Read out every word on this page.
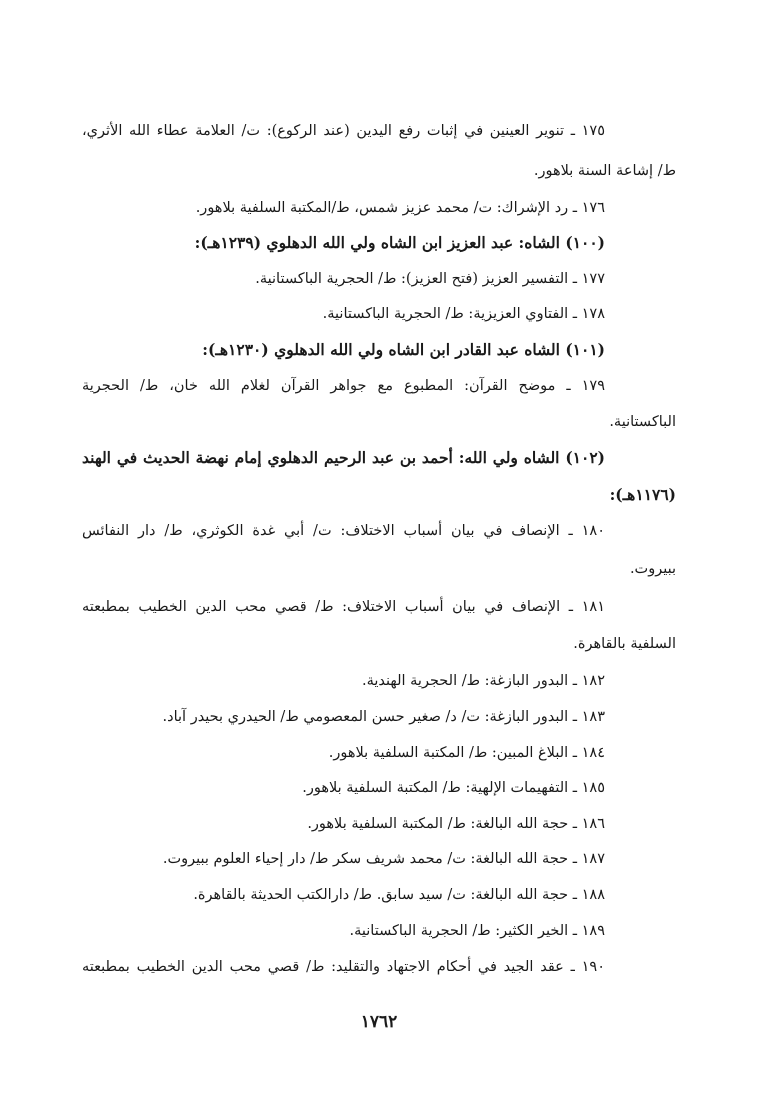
١٧٥ ـ تنوير العينين في إثبات رفع اليدين (عند الركوع): ت/ العلامة عطاء الله الأثري،
ط/ إشاعة السنة بلاهور.
١٧٦ ـ رد الإشراك: ت/ محمد عزيز شمس، ط/المكتبة السلفية بلاهور.
(١٠٠) الشاه: عبد العزيز ابن الشاه ولي الله الدهلوي (١٢٣٩هـ):
١٧٧ ـ التفسير العزيز (فتح العزيز): ط/ الحجرية الباكستانية.
١٧٨ ـ الفتاوي العزيزية: ط/ الحجرية الباكستانية.
(١٠١) الشاه عبد القادر ابن الشاه ولي الله الدهلوي (١٢٣٠هـ):
١٧٩ ـ موضح القرآن: المطبوع مع جواهر القرآن لغلام الله خان، ط/ الحجرية
الباكستانية.
(١٠٢) الشاه ولي الله: أحمد بن عبد الرحيم الدهلوي إمام نهضة الحديث في الهند
(١١٧٦هـ):
١٨٠ ـ الإنصاف في بيان أسباب الاختلاف: ت/ أبي غدة الكوثري، ط/ دار النفائس
ببيروت.
١٨١ ـ الإنصاف في بيان أسباب الاختلاف: ط/ قصي محب الدين الخطيب بمطبعته
السلفية بالقاهرة.
١٨٢ ـ البدور البازغة: ط/ الحجرية الهندية.
١٨٣ ـ البدور البازغة: ت/ د/ صغير حسن المعصومي ط/ الحيدري بحيدر آباد.
١٨٤ ـ البلاغ المبين: ط/ المكتبة السلفية بلاهور.
١٨٥ ـ التفهيمات الإلهية: ط/ المكتبة السلفية بلاهور.
١٨٦ ـ حجة الله البالغة: ط/ المكتبة السلفية بلاهور.
١٨٧ ـ حجة الله البالغة: ت/ محمد شريف سكر ط/ دار إحياء العلوم ببيروت.
١٨٨ ـ حجة الله البالغة: ت/ سيد سابق. ط/ دارالكتب الحديثة بالقاهرة.
١٨٩ ـ الخير الكثير: ط/ الحجرية الباكستانية.
١٩٠ ـ عقد الجيد في أحكام الاجتهاد والتقليد: ط/ قصي محب الدين الخطيب بمطبعته
١٧٦٢
